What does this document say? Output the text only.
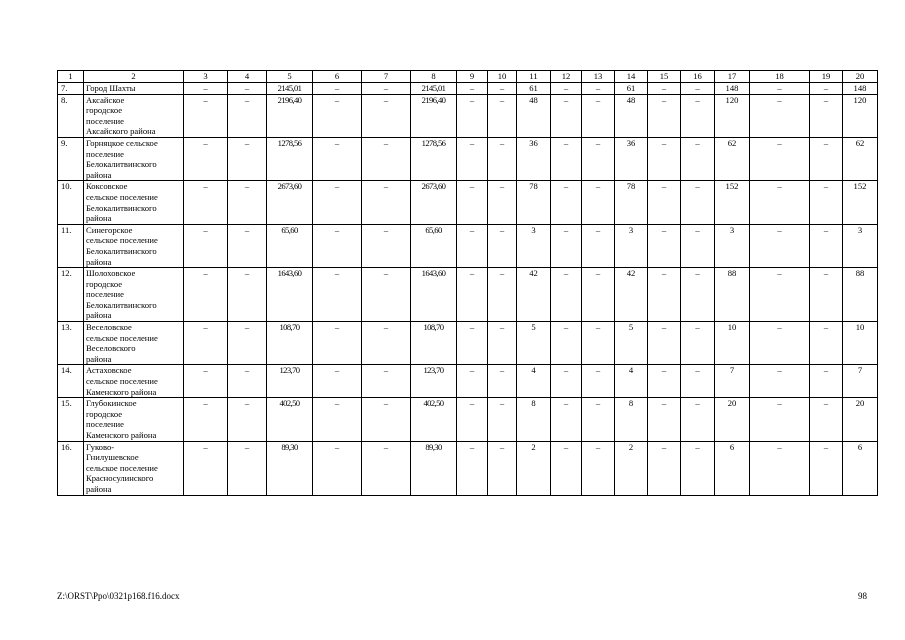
1	2	3	4	5	6	7	8	9	10	11	12	13	14	15	16	17	18	19	20
7.	Город Шахты	–	–	2145,01	–	–	2145,01	–	–	61	–	–	61	–	–	148	–	–	148
8.	Аксайское
городское
поселение
Аксайского района	–	–	2196,40	–	–	2196,40	–	–	48	–	–	48	–	–	120	–	–	120
9.	Горняцкое сельское
поселение
Белокалитвинского
района	–	–	1278,56	–	–	1278,56	–	–	36	–	–	36	–	–	62	–	–	62
10.	Коксовское
сельское поселение
Белокалитвинского
района	–	–	2673,60	–	–	2673,60	–	–	78	–	–	78	–	–	152	–	–	152
11.	Синегорское
сельское поселение
Белокалитвинского
района	–	–	65,60	–	–	65,60	–	–	3	–	–	3	–	–	3	–	–	3
12.	Шолоховское
городское
поселение
Белокалитвинского
района	–	–	1643,60	–	–	1643,60	–	–	42	–	–	42	–	–	88	–	–	88
13.	Веселовское
сельское поселение
Веселовского
района	–	–	108,70	–	–	108,70	–	–	5	–	–	5	–	–	10	–	–	10
14.	Астаховское
сельское поселение
Каменского района	–	–	123,70	–	–	123,70	–	–	4	–	–	4	–	–	7	–	–	7
15.	Глубокинское
городское
поселение
Каменского района	–	–	402,50	–	–	402,50	–	–	8	–	–	8	–	–	20	–	–	20
16.	Гуково-
Гнилушевское
сельское поселение
Красносулинского
района	–	–	89,30	–	–	89,30	–	–	2	–	–	2	–	–	6	–	–	6
Z:\ORST\Ppo\0321p168.f16.docx	98
